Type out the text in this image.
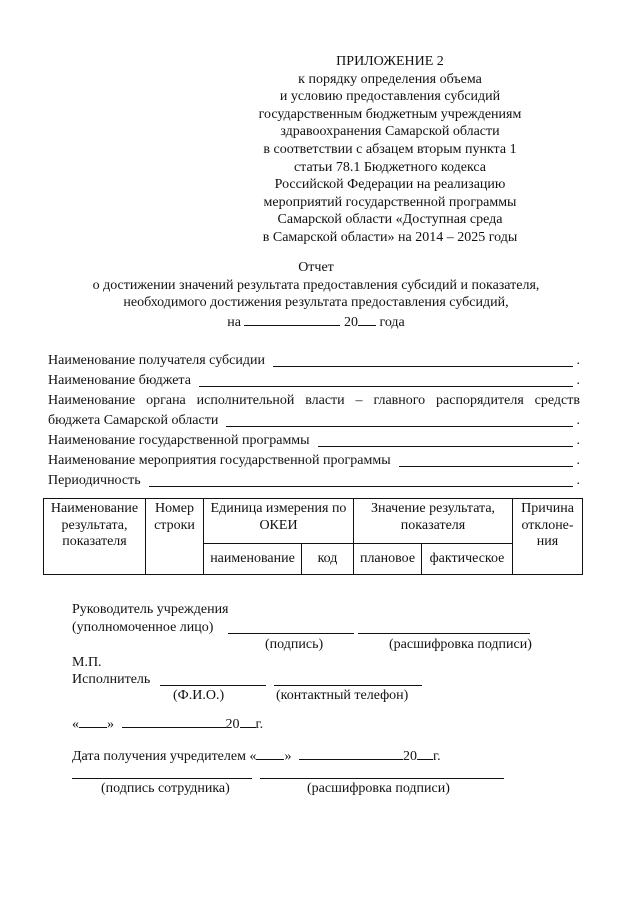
ПРИЛОЖЕНИЕ 2
к порядку определения объема
и условию предоставления субсидий
государственным бюджетным учреждениям
здравоохранения Самарской области
в соответствии с абзацем вторым пункта 1
статьи 78.1 Бюджетного кодекса
Российской Федерации на реализацию
мероприятий государственной программы
Самарской области «Доступная среда
в Самарской области» на 2014 – 2025 годы
Отчет
о достижении значений результата предоставления субсидий и показателя,
необходимого достижения результата предоставления субсидий,
на	20 года
Наименование получателя субсидии	.
Наименование бюджета	.
Наименование органа исполнительной власти – главного распорядителя средств
бюджета Самарской области	.
Наименование государственной программы	.
Наименование мероприятия государственной программы	.
Периодичность	.
Наименование результата, показателя	Номер строки	Единица измерения по ОКЕИ		Значение результата, показателя		Причина отклоне-ния
		наименование	код	плановое	фактическое	
Руководитель учреждения
(уполномоченное лицо)
(подпись)	(расшифровка подписи)
М.П.
Исполнитель
(Ф.И.О.)	(контактный телефон)
« »	20 г.
Дата получения учредителем « »	20 г.
(подпись сотрудника)	(расшифровка подписи)
